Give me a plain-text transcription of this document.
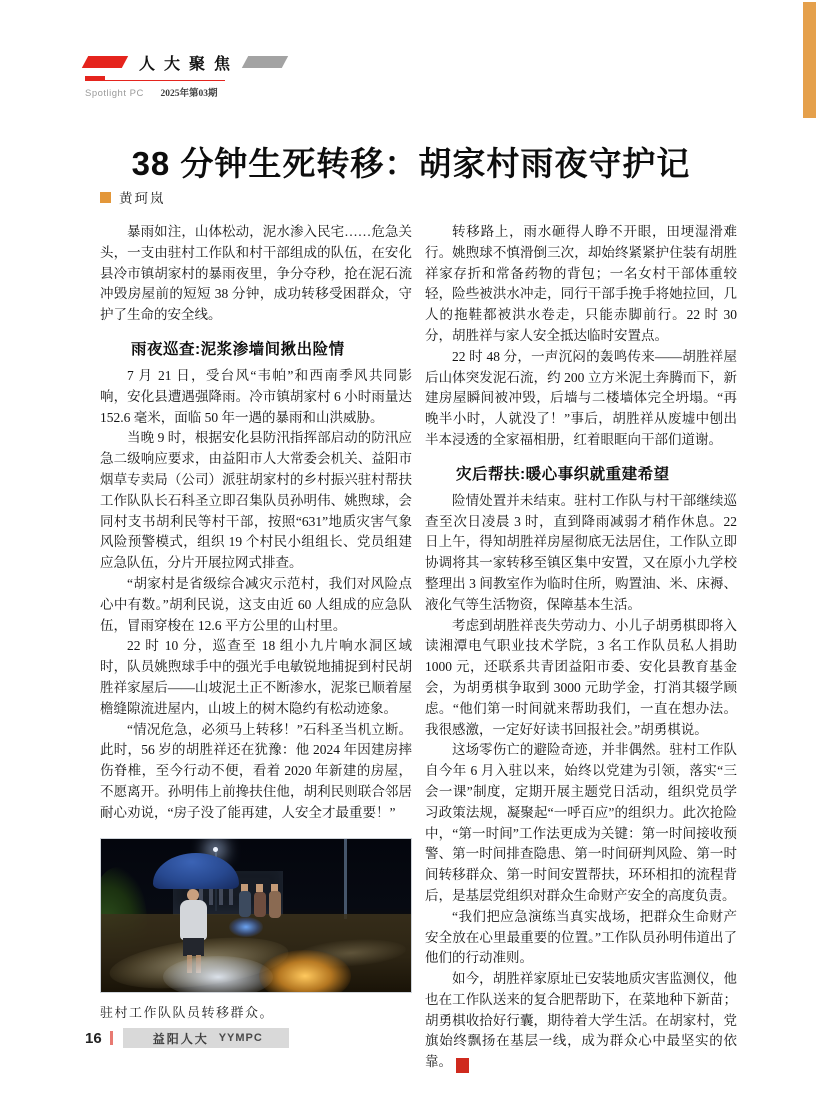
人大聚焦
Spotlight PC 2025年第03期
38 分钟生死转移：胡家村雨夜守护记
黄珂岚

暴雨如注，山体松动，泥水渗入民宅……危急关头，一支由驻村工作队和村干部组成的队伍，在安化县冷市镇胡家村的暴雨夜里，争分夺秒，抢在泥石流冲毁房屋前的短短 38 分钟，成功转移受困群众，守护了生命的安全线。

雨夜巡查:泥浆渗墙间揪出险情

7 月 21 日，受台风“韦帕”和西南季风共同影响，安化县遭遇强降雨。冷市镇胡家村 6 小时雨量达152.6 毫米，面临 50 年一遇的暴雨和山洪威胁。

当晚 9 时，根据安化县防汛指挥部启动的防汛应急二级响应要求，由益阳市人大常委会机关、益阳市烟草专卖局（公司）派驻胡家村的乡村振兴驻村帮扶工作队队长石科圣立即召集队员孙明伟、姚煦球，会同村支书胡利民等村干部，按照“631”地质灾害气象风险预警模式，组织 19 个村民小组组长、党员组建应急队伍，分片开展拉网式排查。

“胡家村是省级综合减灾示范村，我们对风险点心中有数。”胡利民说，这支由近 60 人组成的应急队伍，冒雨穿梭在 12.6 平方公里的山村里。

22 时 10 分，巡查至 18 组小九片响水洞区域时，队员姚煦球手中的强光手电敏锐地捕捉到村民胡胜祥家屋后——山坡泥土正不断渗水，泥浆已顺着屋檐缝隙流进屋内，山坡上的树木隐约有松动迹象。

“情况危急，必须马上转移！”石科圣当机立断。此时，56 岁的胡胜祥还在犹豫：他 2024 年因建房摔伤脊椎，至今行动不便，看着 2020 年新建的房屋，不愿离开。孙明伟上前搀扶住他，胡利民则联合邻居耐心劝说，“房子没了能再建，人安全才最重要！”

驻村工作队队员转移群众。

转移路上，雨水砸得人睁不开眼，田埂湿滑难行。姚煦球不慎滑倒三次，却始终紧紧护住装有胡胜祥家存折和常备药物的背包；一名女村干部体重较轻，险些被洪水冲走，同行干部手挽手将她拉回，几人的拖鞋都被洪水卷走，只能赤脚前行。22 时 30 分，胡胜祥与家人安全抵达临时安置点。

22 时 48 分，一声沉闷的轰鸣传来——胡胜祥屋后山体突发泥石流，约 200 立方米泥土奔腾而下，新建房屋瞬间被冲毁，后墙与二楼墙体完全坍塌。“再晚半小时，人就没了！”事后，胡胜祥从废墟中刨出半本浸透的全家福相册，红着眼眶向干部们道谢。

灾后帮扶:暖心事织就重建希望

险情处置并未结束。驻村工作队与村干部继续巡查至次日凌晨 3 时，直到降雨减弱才稍作休息。22 日上午，得知胡胜祥房屋彻底无法居住，工作队立即协调将其一家转移至镇区集中安置，又在原小九学校整理出 3 间教室作为临时住所，购置油、米、床褥、液化气等生活物资，保障基本生活。

考虑到胡胜祥丧失劳动力、小儿子胡勇棋即将入读湘潭电气职业技术学院，3 名工作队员私人捐助1000 元，还联系共青团益阳市委、安化县教育基金会，为胡勇棋争取到 3000 元助学金，打消其辍学顾虑。“他们第一时间就来帮助我们，一直在想办法。我很感激，一定好好读书回报社会。”胡勇棋说。

这场零伤亡的避险奇迹，并非偶然。驻村工作队自今年 6 月入驻以来，始终以党建为引领，落实“三会一课”制度，定期开展主题党日活动，组织党员学习政策法规，凝聚起“一呼百应”的组织力。此次抢险中，“第一时间”工作法更成为关键：第一时间接收预警、第一时间排查隐患、第一时间研判风险、第一时间转移群众、第一时间安置帮扶，环环相扣的流程背后，是基层党组织对群众生命财产安全的高度负责。

“我们把应急演练当真实战场，把群众生命财产安全放在心里最重要的位置。”工作队员孙明伟道出了他们的行动准则。

如今，胡胜祥家原址已安装地质灾害监测仪，他也在工作队送来的复合肥帮助下，在菜地种下新苗；胡勇棋收拾好行囊，期待着大学生活。在胡家村，党旗始终飘扬在基层一线，成为群众心中最坚实的依靠。	今

16	益阳人大 YYMPC
